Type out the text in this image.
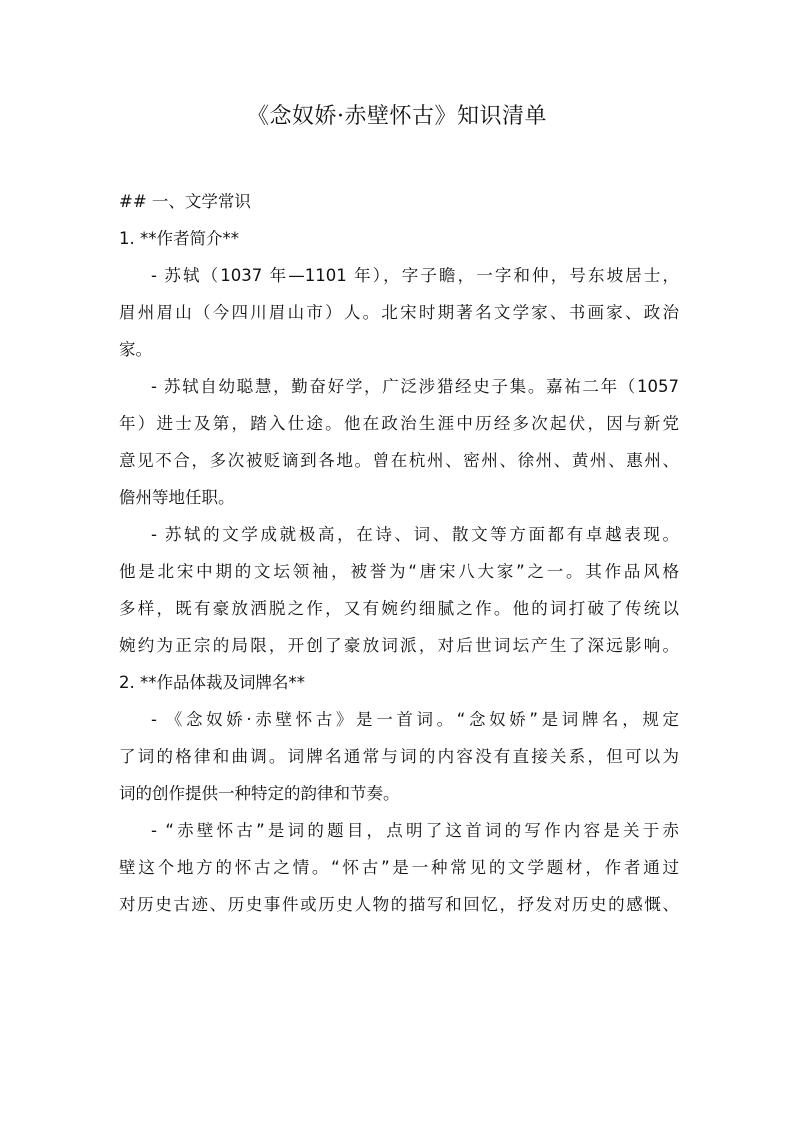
《念奴娇·赤壁怀古》知识清单
## 一、文学常识
1. **作者简介**
- 苏轼（1037 年—1101 年），字子瞻，一字和仲，号东坡居士，
眉州眉山（今四川眉山市）人。北宋时期著名文学家、书画家、政治
家。
- 苏轼自幼聪慧，勤奋好学，广泛涉猎经史子集。嘉祐二年（1057
年）进士及第，踏入仕途。他在政治生涯中历经多次起伏，因与新党
意见不合，多次被贬谪到各地。曾在杭州、密州、徐州、黄州、惠州、
儋州等地任职。
- 苏轼的文学成就极高，在诗、词、散文等方面都有卓越表现。
他是北宋中期的文坛领袖，被誉为“唐宋八大家”之一。其作品风格
多样，既有豪放洒脱之作，又有婉约细腻之作。他的词打破了传统以
婉约为正宗的局限，开创了豪放词派，对后世词坛产生了深远影响。
2. **作品体裁及词牌名**
- 《念奴娇·赤壁怀古》是一首词。“念奴娇”是词牌名，规定
了词的格律和曲调。词牌名通常与词的内容没有直接关系，但可以为
词的创作提供一种特定的韵律和节奏。
- “赤壁怀古”是词的题目，点明了这首词的写作内容是关于赤
壁这个地方的怀古之情。“怀古”是一种常见的文学题材，作者通过
对历史古迹、历史事件或历史人物的描写和回忆，抒发对历史的感慨、
